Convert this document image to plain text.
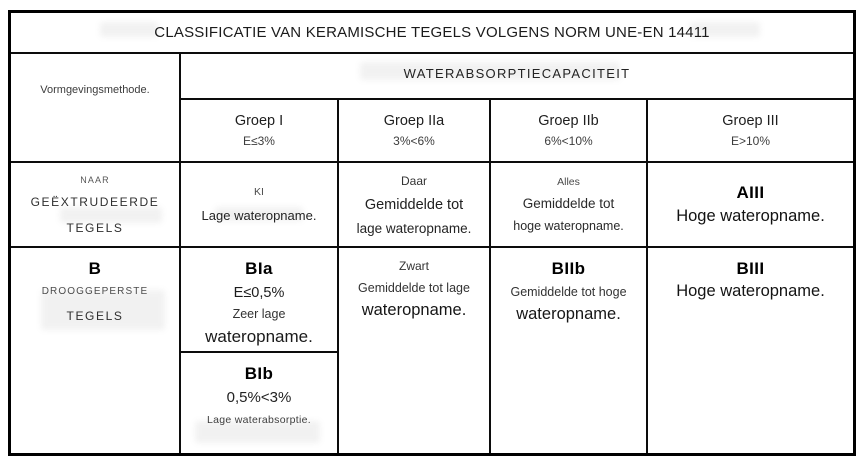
CLASSIFICATIE VAN KERAMISCHE TEGELS VOLGENS NORM UNE-EN 14411
Vormgevingsmethode.
WATERABSORPTIECAPACITEIT
Groep I
E≤3%
Groep IIa
3%<6%
Groep IIb
6%<10%
Groep III
E>10%
NAAR
GEËXTRUDEERDE
TEGELS
KI
Lage wateropname.
Daar
Gemiddelde tot
lage wateropname.
Alles
Gemiddelde tot
hoge wateropname.
AIII
Hoge wateropname.
B
DROOGGEPERSTE
TEGELS
BIa
E≤0,5%
Zeer lage
wateropname.
BIb
0,5%<3%
Lage waterabsorptie.
Zwart
Gemiddelde tot lage
wateropname.
BIIb
Gemiddelde tot hoge
wateropname.
BIII
Hoge wateropname.
